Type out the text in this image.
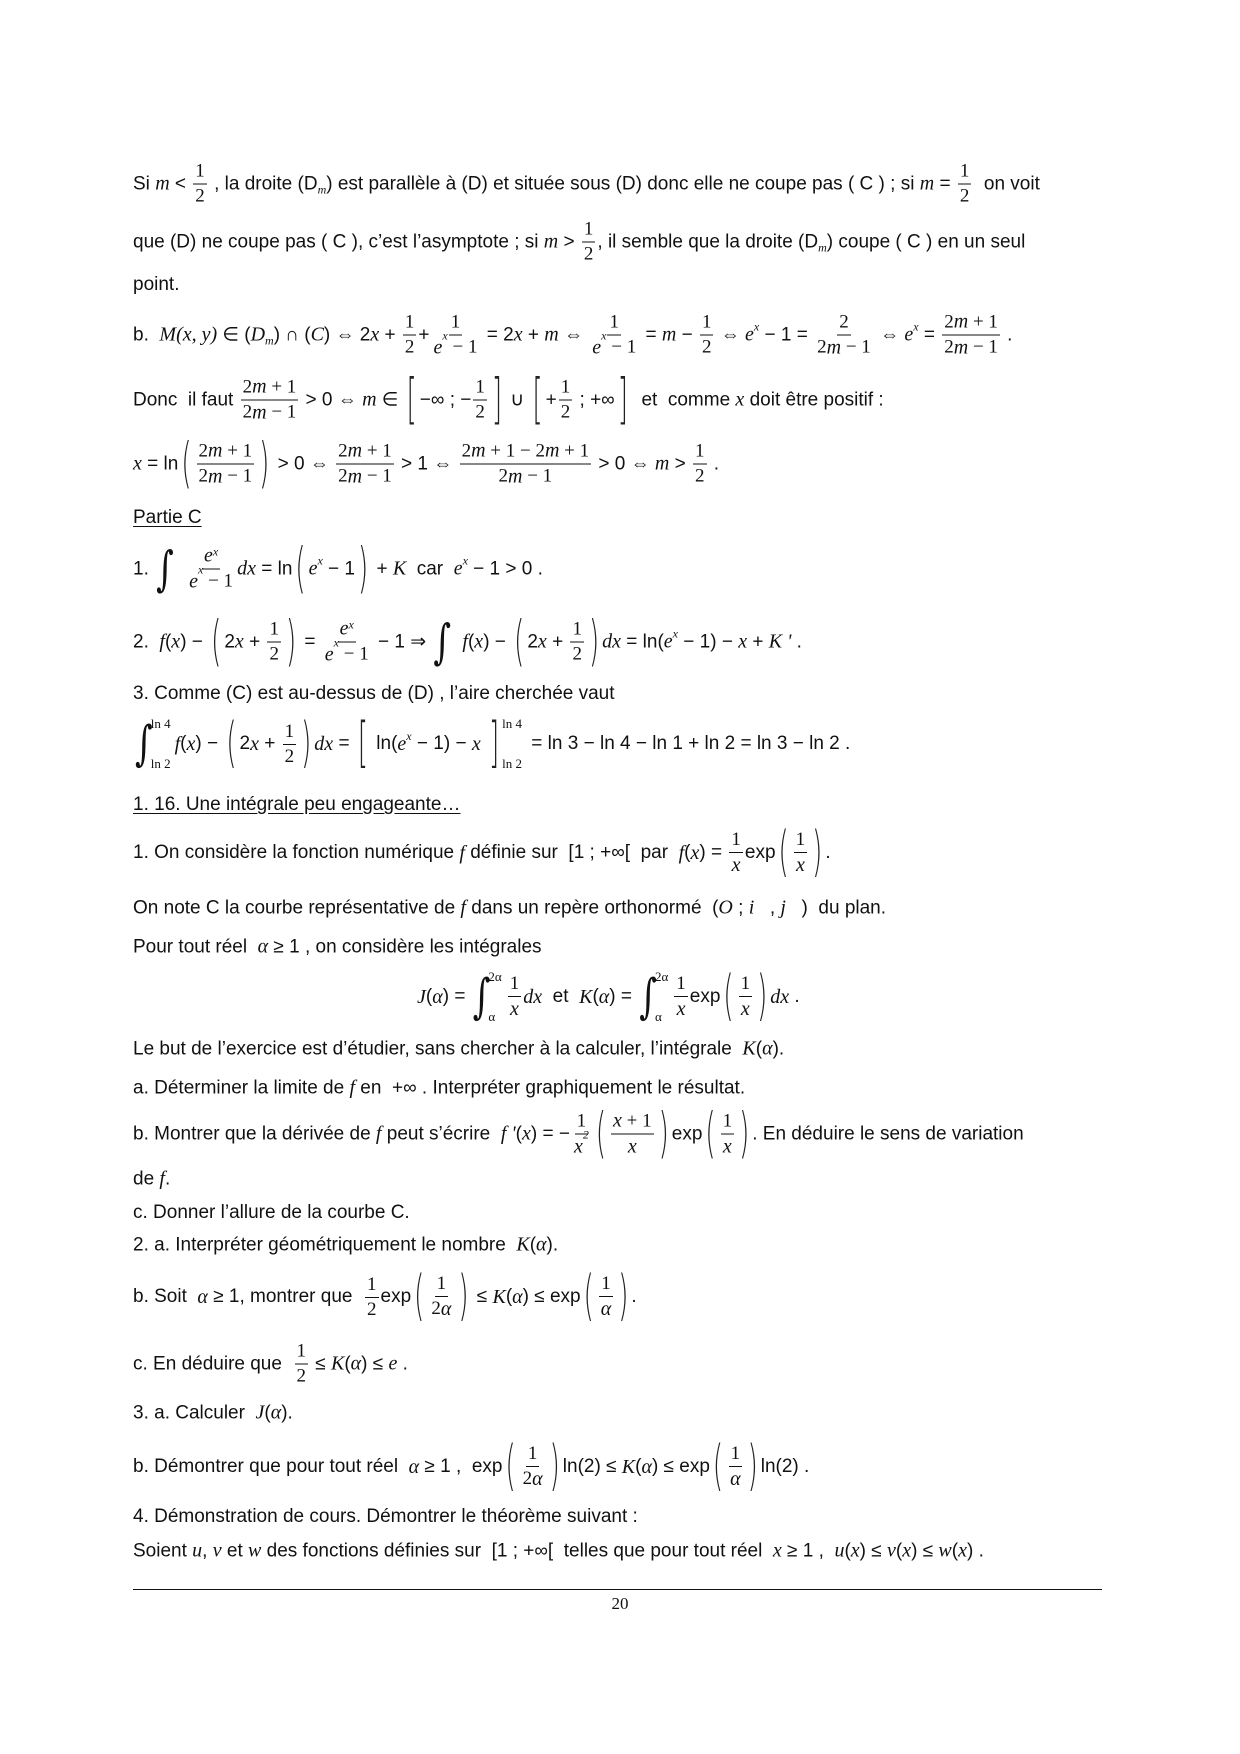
Si $m < \frac{1}{2}$ , la droite (D m ) est parallèle à (D) et située sous (D) donc elle ne coupe pas ( C ) ; si $m = \frac{1}{2}$ on voit
que (D) ne coupe pas ( C ), c’est l’asymptote ; si $m > \frac{1}{2}$ , il semble que la droite (D m ) coupe ( C ) en un seul
point.
b. M(x, y) ∈ ( D m ) ∩ ( C ) ⇔ 2 $x + \frac{1}{2} + 1$
e
x
− 1 = 2 x + m ⇔ 1
e
x
− $1 = m - \frac{1}{2}$ ⇔ e $x - 1 = \frac{2}{2 m - 1}$ ⇔ e $x = \frac{2 m + 1}{2 m - 1}$ .
Donc  il faut $\frac{2 m + 1}{2 m - 1} > 0$ ⇔ m ∈ [ −∞ ; − $\frac{1}{2}$ ] ∪ [ + $\frac{1}{2}$ ; +∞ ] et  comme x doit être positif :
x = ln ( $\frac{2 m + 1}{2 m - 1}$ ) > 0 ⇔ $\frac{2 m + 1}{2 m - 1} > 1$ ⇔ $\frac{2 m + 1 - 2 m + 1}{2 m - 1} > 0$ ⇔ $m > \frac{1}{2}$ .
Partie C
1. ∫
e x
e
x
− 1 dx = ln ( e x − 1 ) + K car e x − 1 > 0 .
2. f ( x ) − ( 2 $x + \frac{1}{2}$ ) = e x
e
x
− 1 − 1 ⇒ ∫
f ( x ) − ( 2 $x + \frac{1}{2}$ ) dx = ln( e x − 1) − x + K ' .
3. Comme (C) est au-dessus de (D) , l’aire cherchée vaut
∫
ln 4
ln 2
f ( x ) − ( 2 $x + \frac{1}{2}$ ) dx = [ ln( e x − 1) − x
] ln 4
ln 2
= ln 3 − ln 4 − ln 1 + ln 2 = ln 3 − ln 2 .
1. 16. Une intégrale peu engageante…
1. On considère la fonction numérique f définie sur  [1 ; +∞[  par f ( x ) = $\frac{1}{x}$ exp ( $\frac{1}{x}$ ) .
On note C la courbe représentative de f dans un repère orthonormé  ( O ; i⃗ , j⃗ )  du plan.
Pour tout réel α ≥ 1 , on considère les intégrales
J ( α ) = ∫
2α
α $\frac{1}{x}$ dx et K ( α ) = ∫
2α
α $\frac{1}{x}$ exp ( $\frac{1}{x}$ ) dx .
Le but de l’exercice est d’étudier, sans chercher à la calculer, l’intégrale K ( α ).
a. Déterminer la limite de f en  +∞ . Interpréter graphiquement le résultat.
b. Montrer que la dérivée de f peut s’écrire f ' ( x ) = − 1
x
2 ( $\frac{x + 1}{x}$ ) exp ( $\frac{1}{x}$ ) . En déduire le sens de variation
de f .
c. Donner l’allure de la courbe C.
2. a. Interpréter géométriquement le nombre K ( α ).
b. Soit α ≥ 1, montrer que $\frac{1}{2}$ exp ( $\frac{1}{2 \alpha}$ ) ≤ K ( α ) ≤ exp ( $\frac{1}{\alpha}$ ) .
c. En déduire que $\frac{1}{2} \le K$ ( α ) ≤ e .
3. a. Calculer J ( α ).
b. Démontrer que pour tout réel α ≥ 1 ,  exp ( $\frac{1}{2 \alpha}$ ) ln(2) ≤ K ( α ) ≤ exp ( $\frac{1}{\alpha}$ ) ln(2) .
4. Démonstration de cours. Démontrer le théorème suivant :
Soient u , v et w des fonctions définies sur  [1 ; +∞[  telles que pour tout réel x ≥ 1 , u ( x ) ≤ v ( x ) ≤ w ( x ) .
20
